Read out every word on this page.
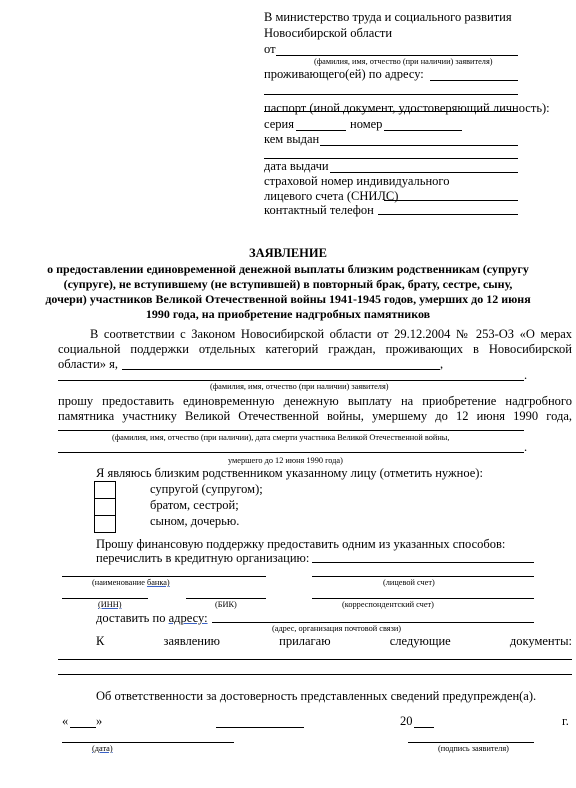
В министерство труда и социального развития
Новосибирской области
от
(фамилия, имя, отчество (при наличии) заявителя)
проживающего(ей) по адресу:
паспорт (иной документ, удостоверяющий личность):
серия	номер
кем выдан
дата выдачи
страховой номер индивидуального
лицевого счета (СНИЛС)
контактный телефон
ЗАЯВЛЕНИЕ
о предоставлении единовременной денежной выплаты близким родственникам (супругу
(супруге), не вступившему (не вступившей) в повторный брак, брату, сестре, сыну,
дочери) участников Великой Отечественной войны 1941-1945 годов, умерших до 12 июня
1990 года, на приобретение надгробных памятников
В соответствии с Законом Новосибирской области от 29.12.2004 № 253-ОЗ «О мерах
социальной поддержки отдельных категорий граждан, проживающих в Новосибирской
области» я,	,
.
(фамилия, имя, отчество (при наличии) заявителя)
прошу предоставить единовременную денежную выплату на приобретение надгробного
памятника участнику Великой Отечественной войны, умершему до 12 июня 1990 года,
(фамилия, имя, отчество (при наличии), дата смерти участника Великой Отечественной войны,
.
умершего до 12 июня 1990 года)
Я являюсь близким родственником указанному лицу (отметить нужное):
супругой (супругом);
братом, сестрой;
сыном, дочерью.
Прошу финансовую поддержку предоставить одним из указанных способов:
перечислить в кредитную организацию:
(наименование банка)	(лицевой счет)
(ИНН)	(БИК)	(корреспондентский счет)
доставить по адресу:
(адрес, организация почтовой связи)
К	заявлению	прилагаю	следующие	документы:
Об ответственности за достоверность представленных сведений предупрежден(а).
« »	20	г.
(дата)	(подпись заявителя)
